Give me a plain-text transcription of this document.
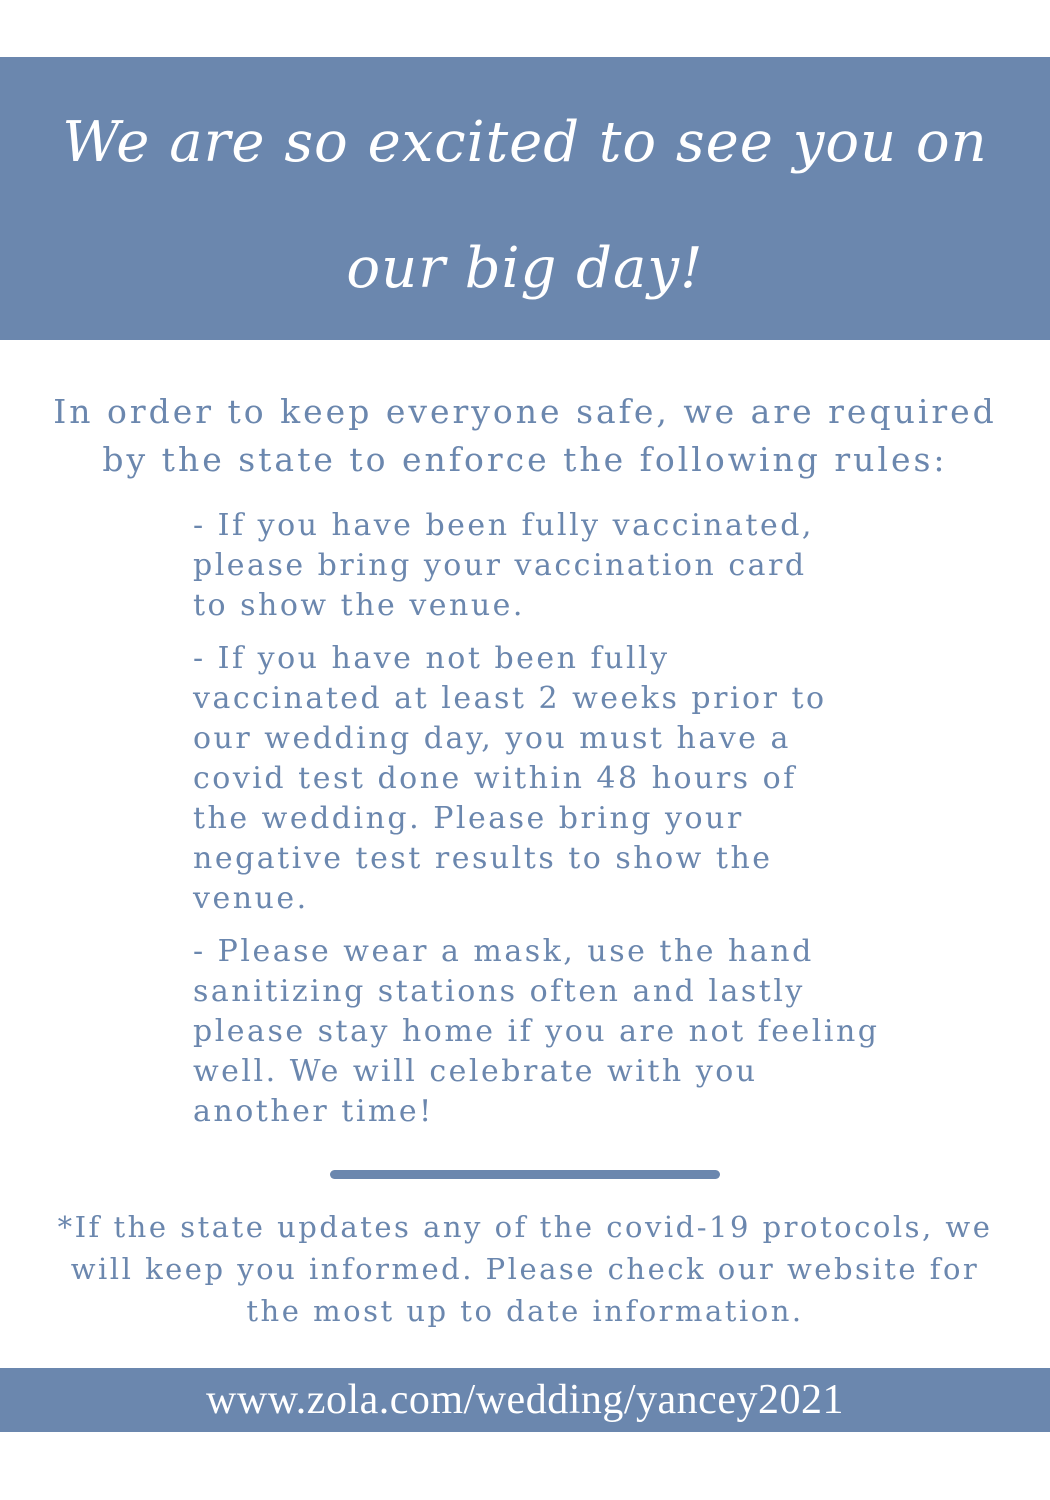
We are so excited to see you on
our big day!
In order to keep everyone safe, we are required
by the state to enforce the following rules:
- If you have been fully vaccinated,
please bring your vaccination card
to show the venue.
- If you have not been fully
vaccinated at least 2 weeks prior to
our wedding day, you must have a
covid test done within 48 hours of
the wedding. Please bring your
negative test results to show the
venue.
- Please wear a mask, use the hand
sanitizing stations often and lastly
please stay home if you are not feeling
well. We will celebrate with you
another time!
*If the state updates any of the covid-19 protocols, we
will keep you informed. Please check our website for
the most up to date information.
www.zola.com/wedding/yancey2021
